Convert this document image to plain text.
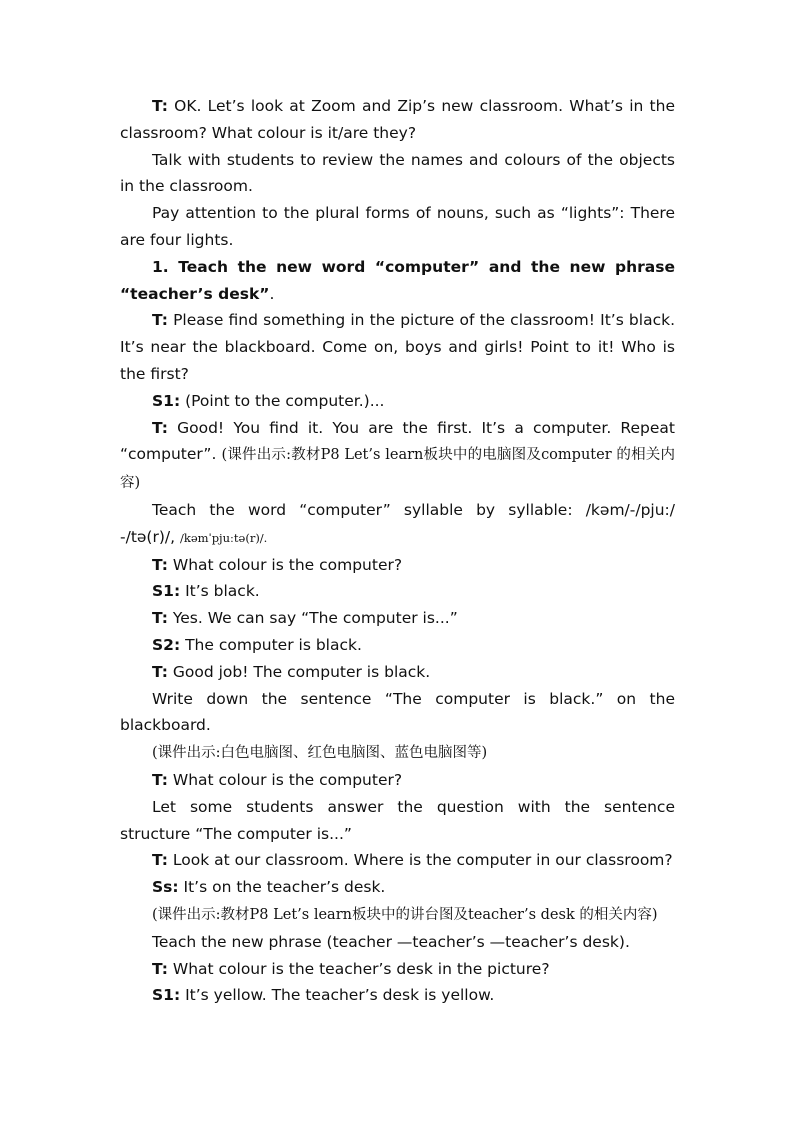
T: OK. Let’s look at Zoom and Zip’s new classroom. What’s in the classroom? What colour is it/are they?

Talk with students to review the names and colours of the objects in the classroom.

Pay attention to the plural forms of nouns, such as “lights”: There are four lights.

1. Teach the new word “computer” and the new phrase “teacher’s desk”.

T: Please find something in the picture of the classroom! It’s black. It’s near the blackboard. Come on, boys and girls! Point to it! Who is the first?

S1: (Point to the computer.)...

T: Good! You find it. You are the first. It’s a computer. Repeat “computer”. (课件出示:教材P8 Let’s learn板块中的电脑图及computer 的相关内容)

Teach the word “computer” syllable by syllable: /kəm/-/pju:/ -/tə(r)/, /kəmˈpjuːtə(r)/.

T: What colour is the computer?

S1: It’s black.

T: Yes. We can say “The computer is...”

S2: The computer is black.

T: Good job! The computer is black.

Write down the sentence “The computer is black.” on the blackboard.

(课件出示:白色电脑图、红色电脑图、蓝色电脑图等)

T: What colour is the computer?

Let some students answer the question with the sentence structure “The computer is...”

T: Look at our classroom. Where is the computer in our classroom?

Ss: It’s on the teacher’s desk.

(课件出示:教材P8 Let’s learn板块中的讲台图及teacher’s desk 的相关内容)

Teach the new phrase (teacher —teacher’s —teacher’s desk).

T: What colour is the teacher’s desk in the picture?

S1: It’s yellow. The teacher’s desk is yellow.
